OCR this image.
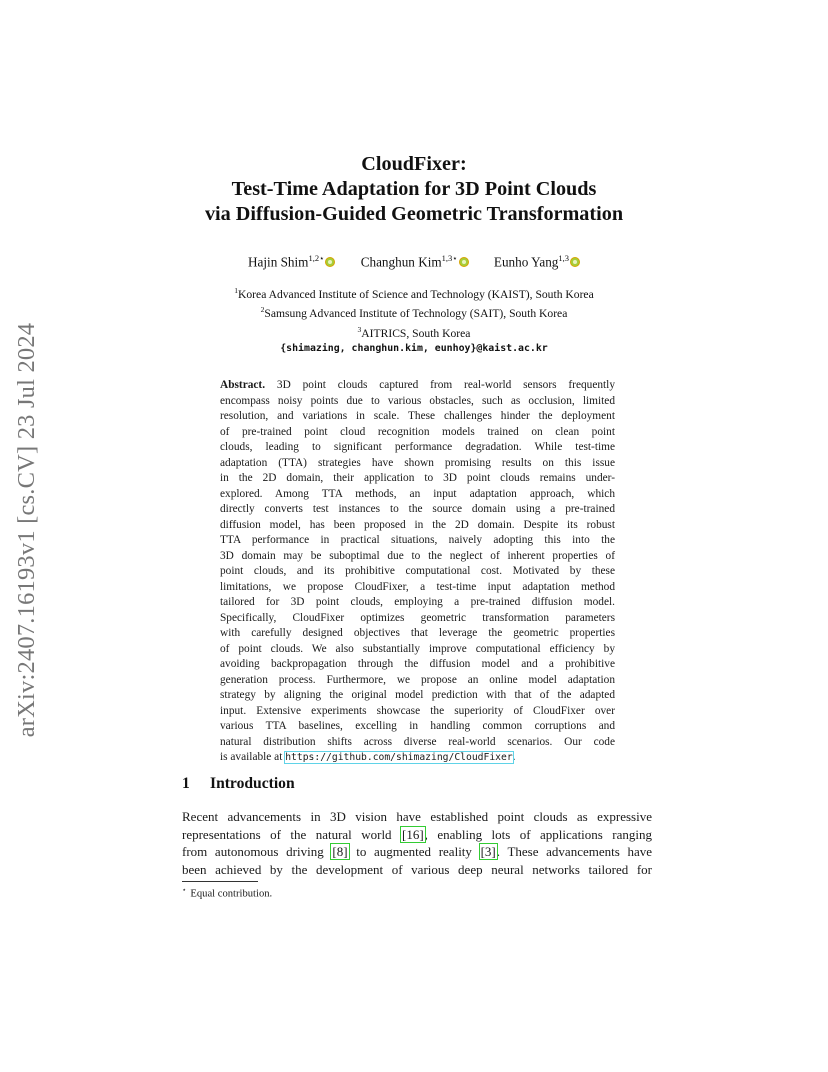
arXiv:2407.16193v1 [cs.CV] 23 Jul 2024
CloudFixer:
Test-Time Adaptation for 3D Point Clouds
via Diffusion-Guided Geometric Transformation
Hajin Shim$^{1,2⋆}$	Changhun Kim$^{1,3⋆}$	Eunho Yang$^{1,3}$
$^1$Korea Advanced Institute of Science and Technology (KAIST), South Korea
$^2$Samsung Advanced Institute of Technology (SAIT), South Korea
$^3$AITRICS, South Korea
{shimazing, changhun.kim, eunhoy}@kaist.ac.kr
Abstract. 3D point clouds captured from real-world sensors frequently
encompass noisy points due to various obstacles, such as occlusion, limited
resolution, and variations in scale. These challenges hinder the deployment
of pre-trained point cloud recognition models trained on clean point
clouds, leading to significant performance degradation. While test-time
adaptation (TTA) strategies have shown promising results on this issue
in the 2D domain, their application to 3D point clouds remains under-
explored. Among TTA methods, an input adaptation approach, which
directly converts test instances to the source domain using a pre-trained
diffusion model, has been proposed in the 2D domain. Despite its robust
TTA performance in practical situations, naively adopting this into the
3D domain may be suboptimal due to the neglect of inherent properties of
point clouds, and its prohibitive computational cost. Motivated by these
limitations, we propose CloudFixer, a test-time input adaptation method
tailored for 3D point clouds, employing a pre-trained diffusion model.
Specifically, CloudFixer optimizes geometric transformation parameters
with carefully designed objectives that leverage the geometric properties
of point clouds. We also substantially improve computational efficiency by
avoiding backpropagation through the diffusion model and a prohibitive
generation process. Furthermore, we propose an online model adaptation
strategy by aligning the original model prediction with that of the adapted
input. Extensive experiments showcase the superiority of CloudFixer over
various TTA baselines, excelling in handling common corruptions and
natural distribution shifts across diverse real-world scenarios. Our code
is available at https://github.com/shimazing/CloudFixer.
1 Introduction
Recent advancements in 3D vision have established point clouds as expressive
representations of the natural world [16], enabling lots of applications ranging
from autonomous driving [8] to augmented reality [3]. These advancements have
been achieved by the development of various deep neural networks tailored for
⋆ Equal contribution.
